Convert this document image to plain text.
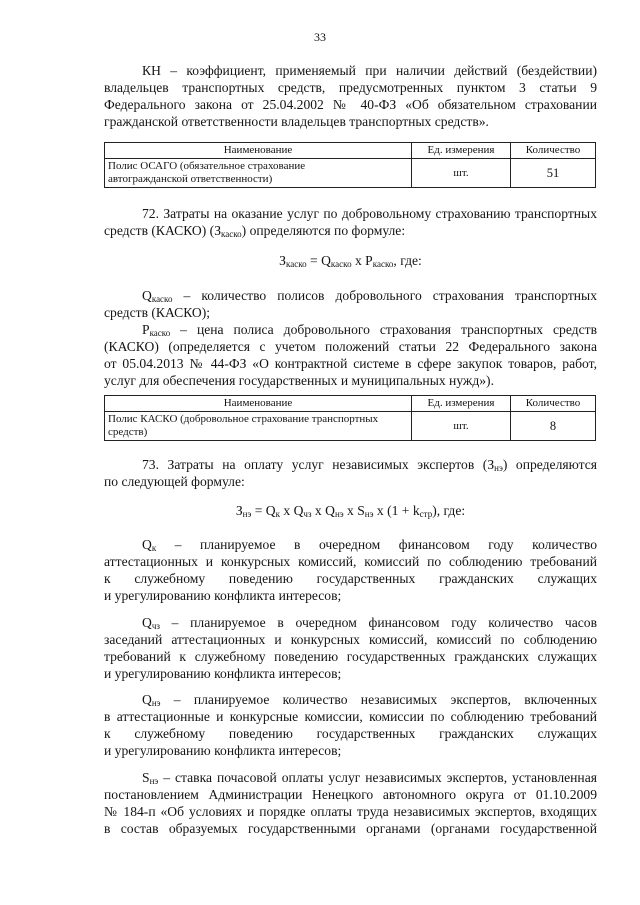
33
КН – коэффициент, применяемый при наличии действий (бездействии)
владельцев транспортных средств, предусмотренных пунктом 3 статьи 9
Федерального закона от 25.04.2002 № 40-ФЗ «Об обязательном страховании
гражданской ответственности владельцев транспортных средств».
Наименование	Ед. измерения	Количество

Полис ОСАГО (обязательное страхование
автогражданской ответственности)	шт.	51
72. Затраты на оказание услуг по добровольному страхованию транспортных
средств (КАСКО) $(З_{каско})$ определяются по формуле:
$З_{каско} = Q_{каско}$ x $P_{каско}$, где:
$Q_{каско}$ – количество полисов добровольного страхования транспортных
средств (КАСКО);
$Р_{каско}$ – цена полиса добровольного страхования транспортных средств
(КАСКО) (определяется с учетом положений статьи 22 Федерального закона
от 05.04.2013 № 44-ФЗ «О контрактной системе в сфере закупок товаров, работ,
услуг для обеспечения государственных и муниципальных нужд»).
Наименование	Ед. измерения	Количество

Полис КАСКО (добровольное страхование транспортных
средств)	шт.	8
73. Затраты на оплату услуг независимых экспертов $(З_{нэ})$ определяются
по следующей формуле:
$З_{нэ} = Q_к$ x $Q_{чз}$ x $Q_{нэ}$ x $S_{нэ}$ x $(1 + k_{стр})$, где:
$Q_к$ – планируемое в очередном финансовом году количество
аттестационных и конкурсных комиссий, комиссий по соблюдению требований
к служебному поведению государственных гражданских служащих
и урегулированию конфликта интересов;
$Q_{чз}$ – планируемое в очередном финансовом году количество часов
заседаний аттестационных и конкурсных комиссий, комиссий по соблюдению
требований к служебному поведению государственных гражданских служащих
и урегулированию конфликта интересов;
$Q_{нэ}$ – планируемое количество независимых экспертов, включенных
в аттестационные и конкурсные комиссии, комиссии по соблюдению требований
к служебному поведению государственных гражданских служащих
и урегулированию конфликта интересов;
$S_{нэ}$ – ставка почасовой оплаты услуг независимых экспертов, установленная
постановлением Администрации Ненецкого автономного округа от 01.10.2009
№ 184-п «Об условиях и порядке оплаты труда независимых экспертов, входящих
в состав образуемых государственными органами (органами государственной
